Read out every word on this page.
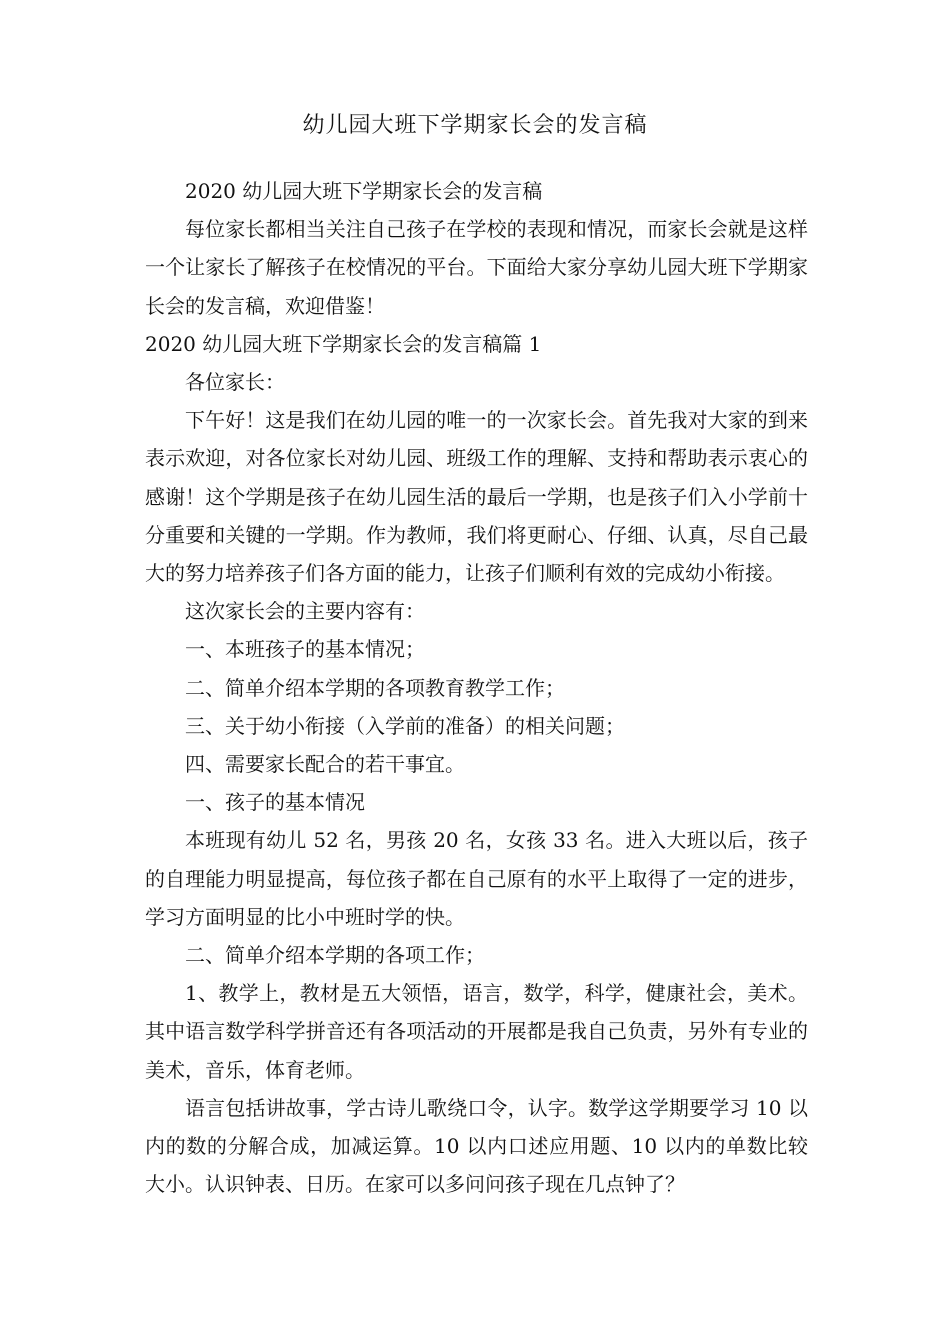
幼儿园大班下学期家长会的发言稿

2020 幼儿园大班下学期家长会的发言稿

每位家长都相当关注自己孩子在学校的表现和情况，而家长会就是这样一个让家长了解孩子在校情况的平台。下面给大家分享幼儿园大班下学期家长会的发言稿，欢迎借鉴！

2020 幼儿园大班下学期家长会的发言稿篇 1

各位家长：

下午好！这是我们在幼儿园的唯一的一次家长会。首先我对大家的到来表示欢迎，对各位家长对幼儿园、班级工作的理解、支持和帮助表示衷心的感谢！这个学期是孩子在幼儿园生活的最后一学期，也是孩子们入小学前十分重要和关键的一学期。作为教师，我们将更耐心、仔细、认真，尽自己最大的努力培养孩子们各方面的能力，让孩子们顺利有效的完成幼小衔接。

这次家长会的主要内容有：

一、本班孩子的基本情况；

二、简单介绍本学期的各项教育教学工作；

三、关于幼小衔接（入学前的准备）的相关问题；

四、需要家长配合的若干事宜。

一、孩子的基本情况

本班现有幼儿 52 名，男孩 20 名，女孩 33 名。进入大班以后，孩子的自理能力明显提高，每位孩子都在自己原有的水平上取得了一定的进步，学习方面明显的比小中班时学的快。

二、简单介绍本学期的各项工作；

1、教学上，教材是五大领悟，语言，数学，科学，健康社会，美术。其中语言数学科学拼音还有各项活动的开展都是我自己负责，另外有专业的美术，音乐，体育老师。

语言包括讲故事，学古诗儿歌绕口令，认字。数学这学期要学习 10 以内的数的分解合成，加减运算。10 以内口述应用题、10 以内的单数比较大小。认识钟表、日历。在家可以多问问孩子现在几点钟了？
